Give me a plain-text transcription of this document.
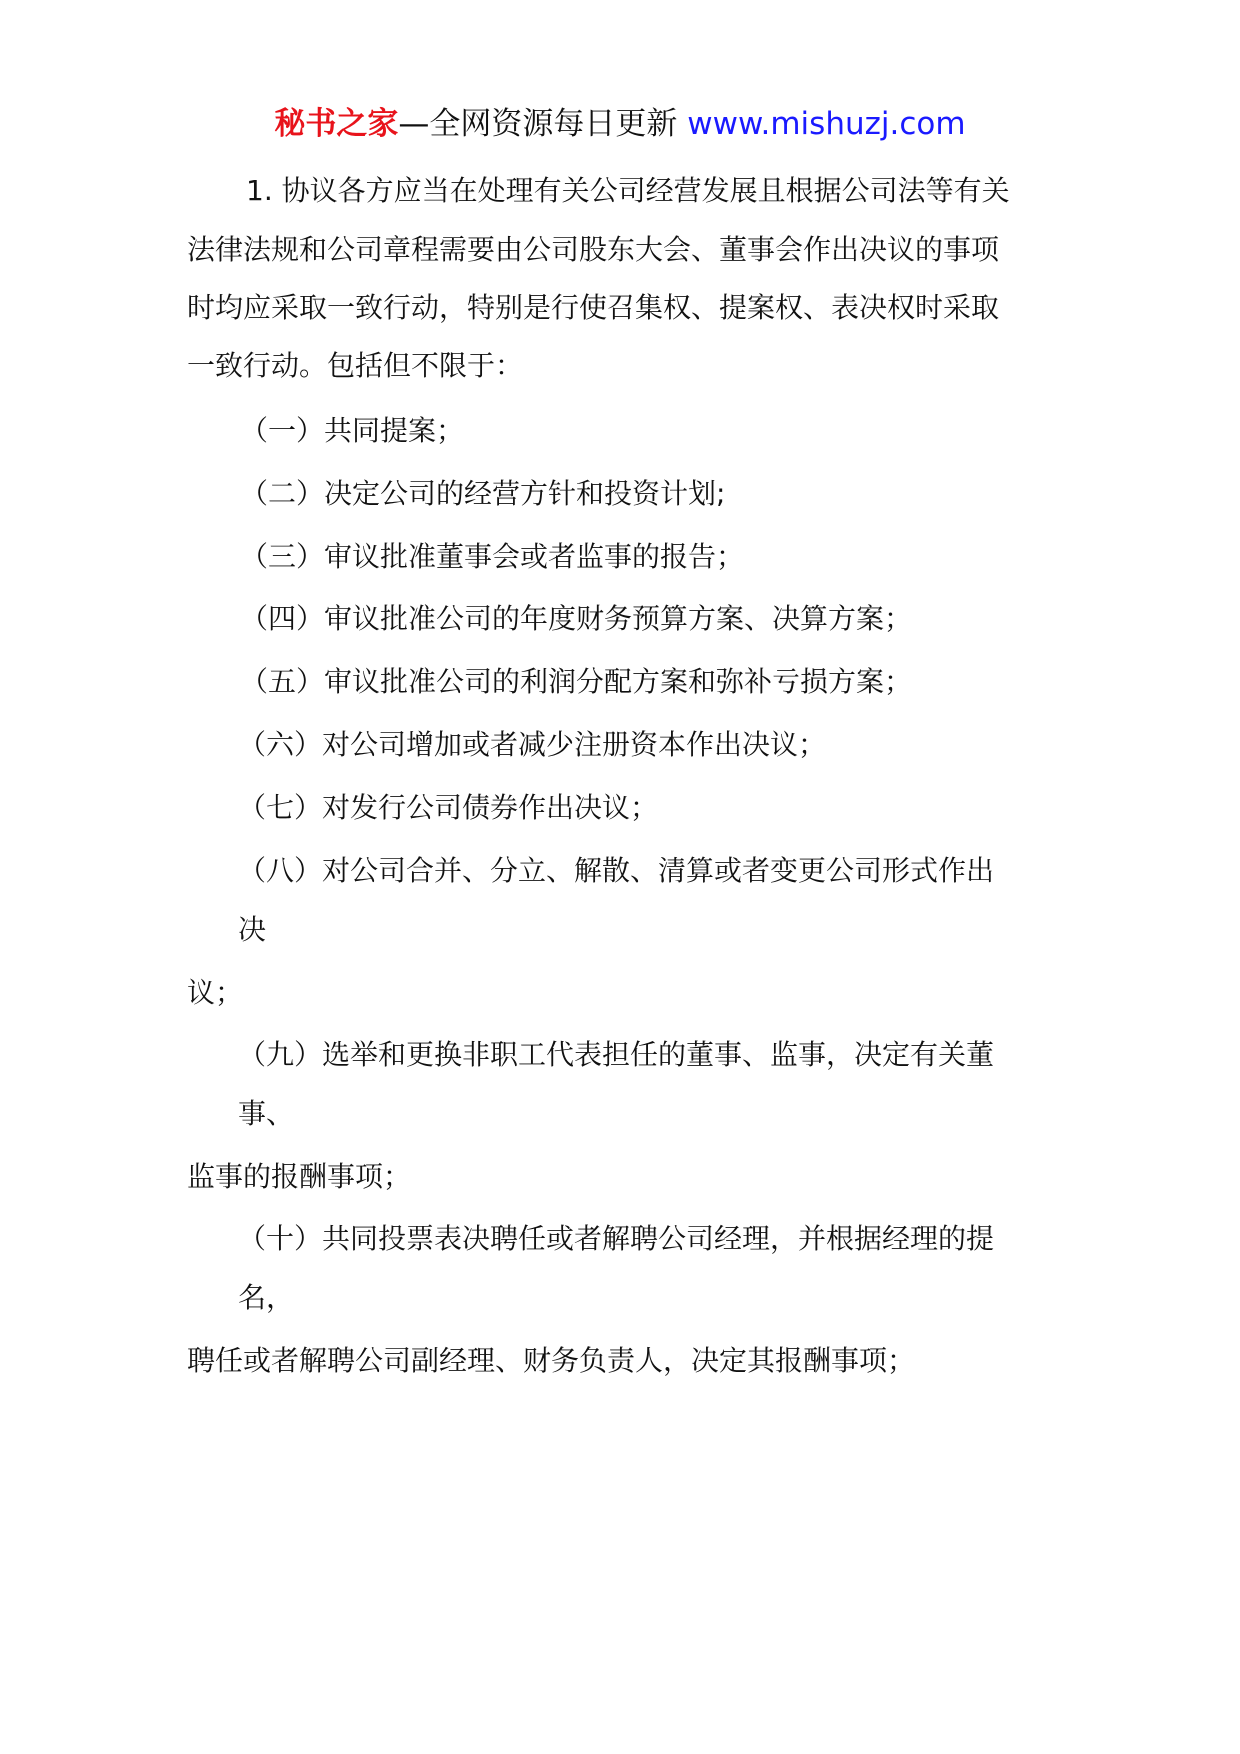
秘书之家—全网资源每日更新 www.mishuzj.com
1. 协议各方应当在处理有关公司经营发展且根据公司法等有关
法律法规和公司章程需要由公司股东大会、董事会作出决议的事项
时均应采取一致行动，特别是行使召集权、提案权、表决权时采取
一致行动。包括但不限于：
（一）共同提案；
（二）决定公司的经营方针和投资计划;
（三）审议批准董事会或者监事的报告；
（四）审议批准公司的年度财务预算方案、决算方案；
（五）审议批准公司的利润分配方案和弥补亏损方案；
（六）对公司增加或者减少注册资本作出决议；
（七）对发行公司债券作出决议；
（八）对公司合并、分立、解散、清算或者变更公司形式作出
决
议；
（九）选举和更换非职工代表担任的董事、监事，决定有关董
事、
监事的报酬事项；
（十）共同投票表决聘任或者解聘公司经理，并根据经理的提
名，
聘任或者解聘公司副经理、财务负责人，决定其报酬事项；
